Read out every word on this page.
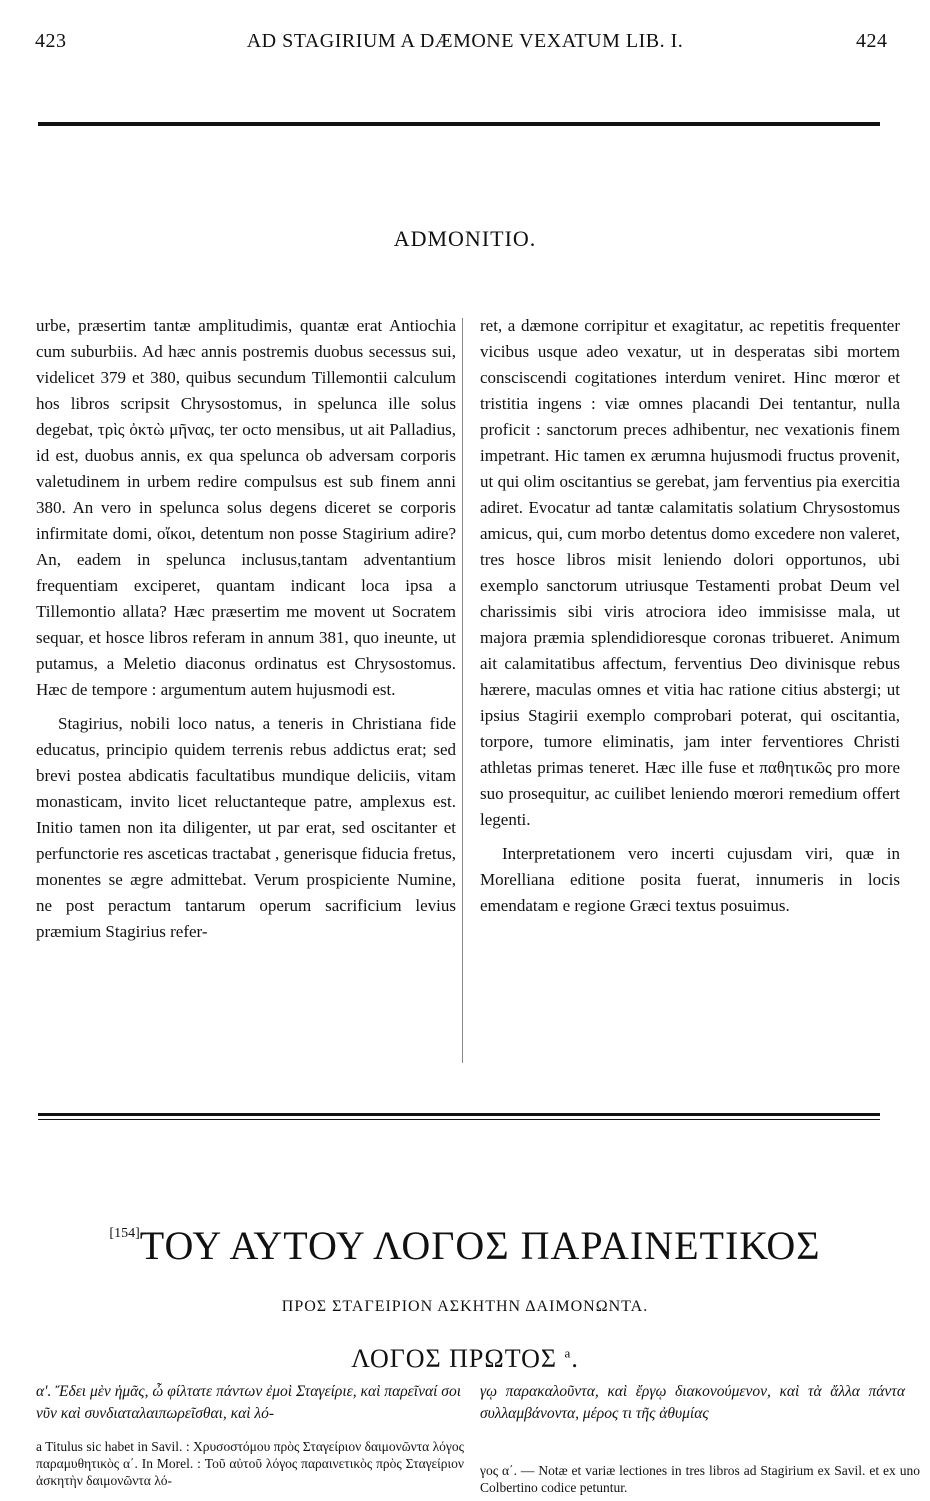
423	AD STAGIRIUM A DÆMONE VEXATUM LIB. I.	424
ADMONITIO.

urbe, præsertim tantæ amplitudimis, quantæ erat Antiochia cum suburbiis. Ad hæc annis postremis duobus secessus sui, videlicet 379 et 380, quibus secundum Tillemontii calculum hos libros scripsit Chrysostomus, in spelunca ille solus degebat, τρὶς ὀκτὼ μῆνας, ter octo mensibus, ut ait Palladius, id est, duobus annis, ex qua spelunca ob adversam corporis valetudinem in urbem redire compulsus est sub finem anni 380. An vero in spelunca solus degens diceret se corporis infirmitate domi, οἴκοι, detentum non posse Stagirium adire? An, eadem in spelunca inclusus,tantam adventantium frequentiam exciperet, quantam indicant loca ipsa a Tillemontio allata? Hæc præsertim me movent ut Socratem sequar, et hosce libros referam in annum 381, quo ineunte, ut putamus, a Meletio diaconus ordinatus est Chrysostomus. Hæc de tempore : argumentum autem hujusmodi est.

Stagirius, nobili loco natus, a teneris in Christiana fide educatus, principio quidem terrenis rebus addictus erat; sed brevi postea abdicatis facultatibus mundique deliciis, vitam monasticam, invito licet reluctanteque patre, amplexus est. Initio tamen non ita diligenter, ut par erat, sed oscitanter et perfunctorie res asceticas tractabat , generisque fiducia fretus, monentes se ægre admittebat. Verum prospiciente Numine, ne post peractum tantarum operum sacrificium levius præmium Stagirius refer-

ret, a dæmone corripitur et exagitatur, ac repetitis frequenter vicibus usque adeo vexatur, ut in desperatas sibi mortem consciscendi cogitationes interdum veniret. Hinc mœror et tristitia ingens : viæ omnes placandi Dei tentantur, nulla proficit : sanctorum preces adhibentur, nec vexationis finem impetrant. Hic tamen ex ærumna hujusmodi fructus provenit, ut qui olim oscitantius se gerebat, jam ferventius pia exercitia adiret. Evocatur ad tantæ calamitatis solatium Chrysostomus amicus, qui, cum morbo detentus domo excedere non valeret, tres hosce libros misit leniendo dolori opportunos, ubi exemplo sanctorum utriusque Testamenti probat Deum vel charissimis sibi viris atrociora ideo immisisse mala, ut majora præmia splendidioresque coronas tribueret. Animum ait calamitatibus affectum, ferventius Deo divinisque rebus hærere, maculas omnes et vitia hac ratione citius abstergi; ut ipsius Stagirii exemplo comprobari poterat, qui oscitantia, torpore, tumore eliminatis, jam inter ferventiores Christi athletas primas teneret. Hæc ille fuse et παθητικῶς pro more suo prosequitur, ac cuilibet leniendo mœrori remedium offert legenti.

Interpretationem vero incerti cujusdam viri, quæ in Morelliana editione posita fuerat, innumeris in locis emendatam e regione Græci textus posuimus.

[154]ΤΟΥ ΑΥΤΟΥ ΛΟΓΟΣ ΠΑΡΑΙΝΕΤΙΚΟΣ
ΠΡΟΣ ΣΤΑΓΕΙΡΙΟΝ ΑΣΚΗΤΗΝ ΔΑΙΜΟΝΩΝΤΑ.
ΛΟΓΟΣ ΠΡΩΤΟΣ $^a$.
α'. Ἔδει μὲν ἡμᾶς, ὦ φίλτατε πάντων ἐμοὶ Σταγείριε, καὶ παρεῖναί σοι νῦν καὶ συνδιαταλαιπωρεῖσθαι, καὶ λό-
γῳ παρακαλοῦντα, καὶ ἔργῳ διακονούμενον, καὶ τὰ ἄλλα πάντα συλλαμβάνοντα, μέρος τι τῆς ἀθυμίας
a Titulus sic habet in Savil. : Χρυσοστόμου πρὸς Σταγείριον δαιμονῶντα λόγος παραμυθητικὸς α΄. In Morel. : Τοῦ αὐτοῦ λόγος παραινετικὸς πρὸς Σταγείριον ἀσκητὴν δαιμονῶντα λό-
γος α΄. — Notæ et variæ lectiones in tres libros ad Stagirium ex Savil. et ex uno Colbertino codice petuntur.
